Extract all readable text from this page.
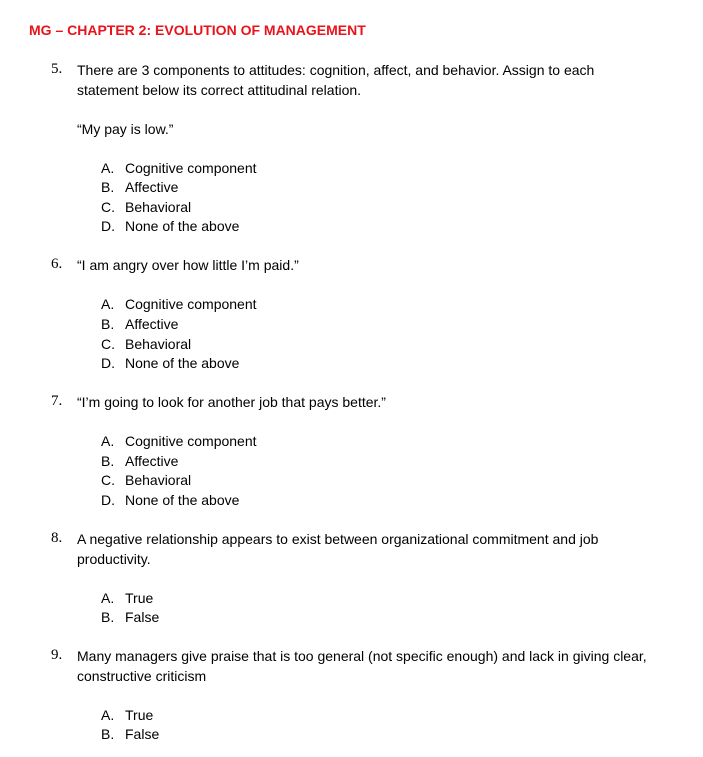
MG – CHAPTER 2: EVOLUTION OF MANAGEMENT
5. There are 3 components to attitudes: cognition, affect, and behavior. Assign to each statement below its correct attitudinal relation.
“My pay is low.”
A. Cognitive component
B. Affective
C. Behavioral
D. None of the above
6. “I am angry over how little I’m paid.”
A. Cognitive component
B. Affective
C. Behavioral
D. None of the above
7. “I’m going to look for another job that pays better.”
A. Cognitive component
B. Affective
C. Behavioral
D. None of the above
8. A negative relationship appears to exist between organizational commitment and job productivity.
A. True
B. False
9. Many managers give praise that is too general (not specific enough) and lack in giving clear, constructive criticism
A. True
B. False
